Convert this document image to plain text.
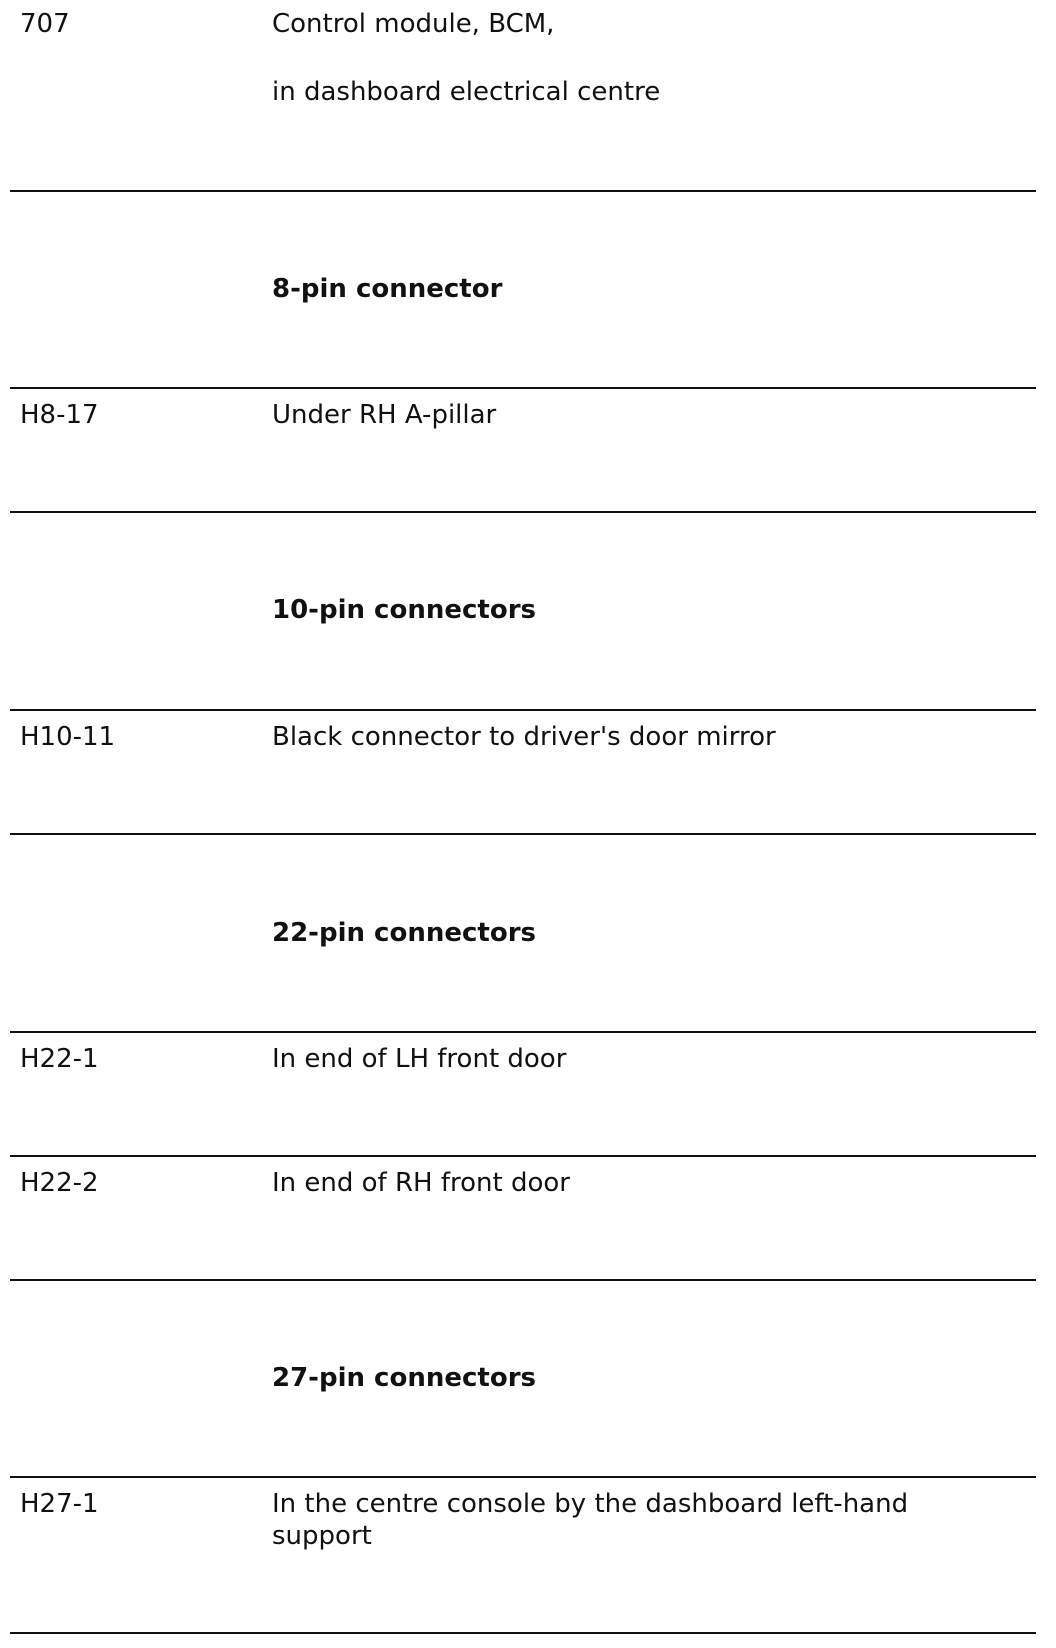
707	Control module, BCM,
in dashboard electrical centre
8-pin connector
H8-17	Under RH A-pillar
10-pin connectors
H10-11	Black connector to driver's door mirror
22-pin connectors
H22-1	In end of LH front door
H22-2	In end of RH front door
27-pin connectors
H27-1	In the centre console by the dashboard left-hand support
